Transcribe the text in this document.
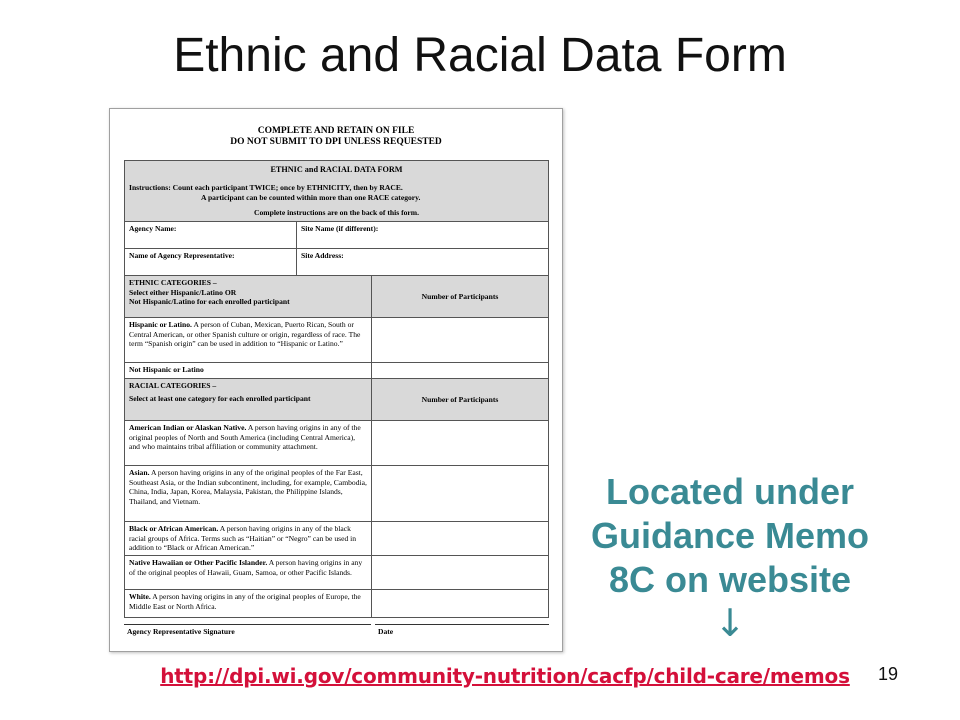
Ethnic and Racial Data Form
COMPLETE AND RETAIN ON FILE
DO NOT SUBMIT TO DPI UNLESS REQUESTED
ETHNIC and RACIAL DATA FORM
Instructions: Count each participant TWICE; once by ETHNICITY, then by RACE.
A participant can be counted within more than one RACE category.
Complete instructions are on the back of this form.
Agency Name:	Site Name (if different):
Name of Agency Representative:	Site Address:
ETHNIC CATEGORIES –
Select either Hispanic/Latino OR
Not Hispanic/Latino for each enrolled participant
Number of Participants
Hispanic or Latino. A person of Cuban, Mexican, Puerto Rican, South or Central American, or other Spanish culture or origin, regardless of race. The term “Spanish origin” can be used in addition to “Hispanic or Latino.”
Not Hispanic or Latino
RACIAL CATEGORIES –
Select at least one category for each enrolled participant	Number of Participants
American Indian or Alaskan Native. A person having origins in any of the original peoples of North and South America (including Central America), and who maintains tribal affiliation or community attachment.
Asian. A person having origins in any of the original peoples of the Far East, Southeast Asia, or the Indian subcontinent, including, for example, Cambodia, China, India, Japan, Korea, Malaysia, Pakistan, the Philippine Islands, Thailand, and Vietnam.
Black or African American. A person having origins in any of the black racial groups of Africa. Terms such as “Haitian” or “Negro” can be used in addition to “Black or African American.”
Native Hawaiian or Other Pacific Islander. A person having origins in any of the original peoples of Hawaii, Guam, Samoa, or other Pacific Islands.
White. A person having origins in any of the original peoples of Europe, the Middle East or North Africa.
Agency Representative Signature	Date
Located under
Guidance Memo
8C on website
↓
http://dpi.wi.gov/community-nutrition/cacfp/child-care/memos	19
